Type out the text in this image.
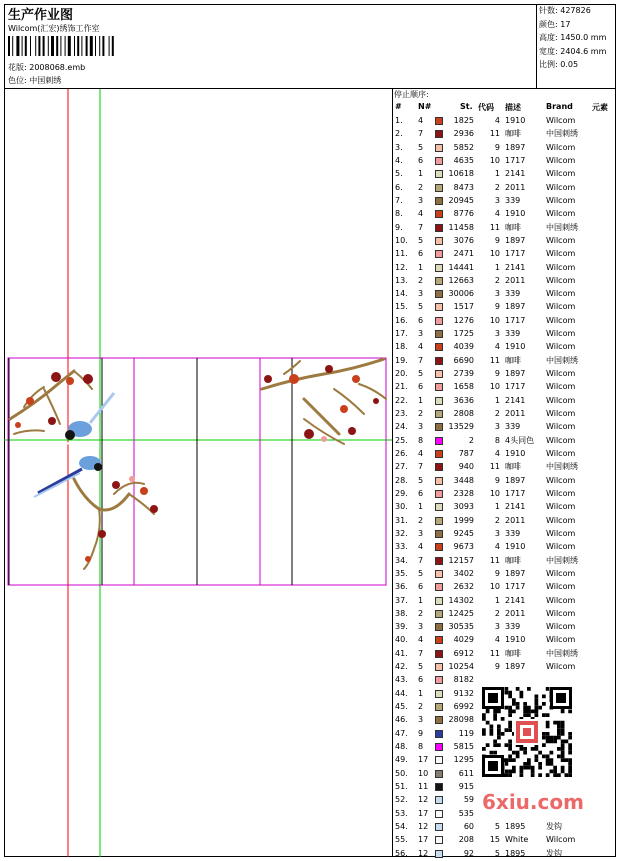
生产作业图
Wilcom(汇宏)绣饰工作室
花版: 2008068.emb
色位: 中国刺绣
针数: 427826
颜色: 17
高度: 1450.0 mm
宽度: 2404.6 mm
比例: 0.05
停止顺序:
# N#	St. 代码 描述	Brand 元素
1. 4	1825	4 1910	Wilcom
2. 7	2936	11 咖啡	中国刺绣
3. 5	5852	9 1897	Wilcom
4. 6	4635	10 1717	Wilcom
5. 1	10618	1 2141	Wilcom
6. 2	8473	2 2011	Wilcom
7. 3	20945	3 339	Wilcom
8. 4	8776	4 1910	Wilcom
9. 7	11458	11 咖啡	中国刺绣
10. 5	3076	9 1897	Wilcom
11. 6	2471	10 1717	Wilcom
12. 1	14441	1 2141	Wilcom
13. 2	12663	2 2011	Wilcom
14. 3	30006	3 339	Wilcom
15. 5	1517	9 1897	Wilcom
16. 6	1276	10 1717	Wilcom
17. 3	1725	3 339	Wilcom
18. 4	4039	4 1910	Wilcom
19. 7	6690	11 咖啡	中国刺绣
20. 5	2739	9 1897	Wilcom
21. 6	1658	10 1717	Wilcom
22. 1	3636	1 2141	Wilcom
23. 2	2808	2 2011	Wilcom
24. 3	13529	3 339	Wilcom
25. 8	2	8 4头同色 Wilcom
26. 4	787	4 1910	Wilcom
27. 7	940	11 咖啡	中国刺绣
28. 5	3448	9 1897	Wilcom
29. 6	2328	10 1717	Wilcom
30. 1	3093	1 2141	Wilcom
31. 2	1999	2 2011	Wilcom
32. 3	9245	3 339	Wilcom
33. 4	9673	4 1910	Wilcom
34. 7	12157	11 咖啡	中国刺绣
35. 5	3402	9 1897	Wilcom
36. 6	2632	10 1717	Wilcom
37. 1	14302	1 2141	Wilcom
38. 2	12425	2 2011	Wilcom
39. 3	30535	3 339	Wilcom
40. 4	4029	4 1910	Wilcom
41. 7	6912	11 咖啡	中国刺绣
42. 5	10254	9 1897	Wilcom
43. 6	8182
44. 1	9132
45. 2	6992
46. 3	28098
47. 9	119
48. 8	5815
49. 17	1295
50. 10	611
51. 11	915
52. 12	59
53. 17	535
54. 12	60	5 1895	发钩
55. 17	208	15 White Wilcom
56. 12	92	5 1895	发钩
6xiu.com
